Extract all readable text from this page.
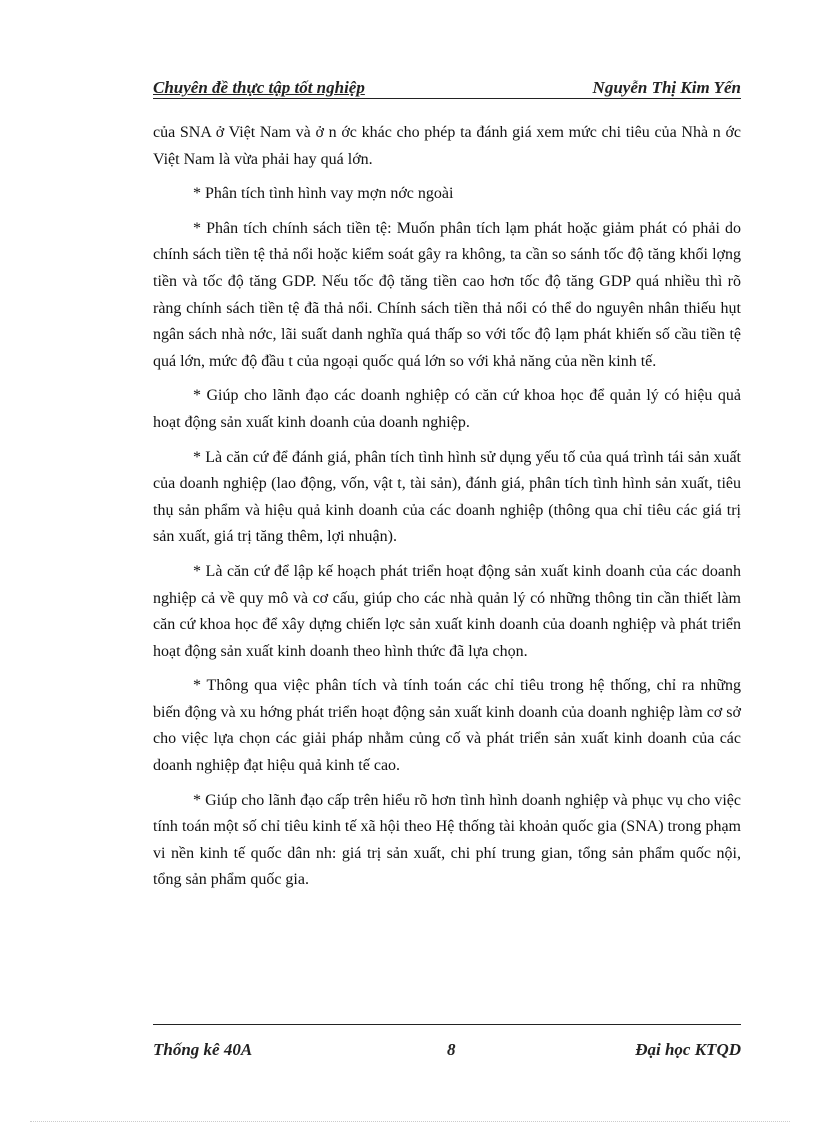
Chuyên đề thực tập tốt nghiệp	Nguyễn Thị Kim Yến

của SNA ở Việt Nam và ở n ớc khác cho phép ta đánh giá xem mức chi tiêu của Nhà n ớc Việt Nam là vừa phải hay quá lớn.

* Phân tích tình hình vay mợn nớc ngoài

* Phân tích chính sách tiền tệ: Muốn phân tích lạm phát hoặc giảm phát có phải do chính sách tiền tệ thả nổi hoặc kiểm soát gây ra không, ta cần so sánh tốc độ tăng khối lợng tiền và tốc độ tăng GDP. Nếu tốc độ tăng tiền cao hơn tốc độ tăng GDP quá nhiều thì rõ ràng chính sách tiền tệ đã thả nổi. Chính sách tiền thả nổi có thể do nguyên nhân thiếu hụt ngân sách nhà nớc, lãi suất danh nghĩa quá thấp so với tốc độ lạm phát khiến số cầu tiền tệ quá lớn, mức độ đầu t của ngoại quốc quá lớn so với khả năng của nền kinh tế.

* Giúp cho lãnh đạo các doanh nghiệp có căn cứ khoa học để quản lý có hiệu quả hoạt động sản xuất kinh doanh của doanh nghiệp.

* Là căn cứ để đánh giá, phân tích tình hình sử dụng yếu tố của quá trình tái sản xuất của doanh nghiệp (lao động, vốn, vật t, tài sản), đánh giá, phân tích tình hình sản xuất, tiêu thụ sản phẩm và hiệu quả kinh doanh của các doanh nghiệp (thông qua chỉ tiêu các giá trị sản xuất, giá trị tăng thêm, lợi nhuận).

* Là căn cứ để lập kế hoạch phát triển hoạt động sản xuất kinh doanh của các doanh nghiệp cả về quy mô và cơ cấu, giúp cho các nhà quản lý có những thông tin cần thiết làm căn cứ khoa học để xây dựng chiến lợc sản xuất kinh doanh của doanh nghiệp và phát triển hoạt động sản xuất kinh doanh theo hình thức đã lựa chọn.

* Thông qua việc phân tích và tính toán các chỉ tiêu trong hệ thống, chỉ ra những biến động và xu hớng phát triển hoạt động sản xuất kinh doanh của doanh nghiệp làm cơ sở cho việc lựa chọn các giải pháp nhằm củng cố và phát triển sản xuất kinh doanh của các doanh nghiệp đạt hiệu quả kinh tế cao.

* Giúp cho lãnh đạo cấp trên hiểu rõ hơn tình hình doanh nghiệp và phục vụ cho việc tính toán một số chỉ tiêu kinh tế xã hội theo Hệ thống tài khoản quốc gia (SNA) trong phạm vi nền kinh tế quốc dân nh: giá trị sản xuất, chi phí trung gian, tổng sản phẩm quốc nội, tổng sản phẩm quốc gia.

Thống kê 40A	8	Đại học KTQD
